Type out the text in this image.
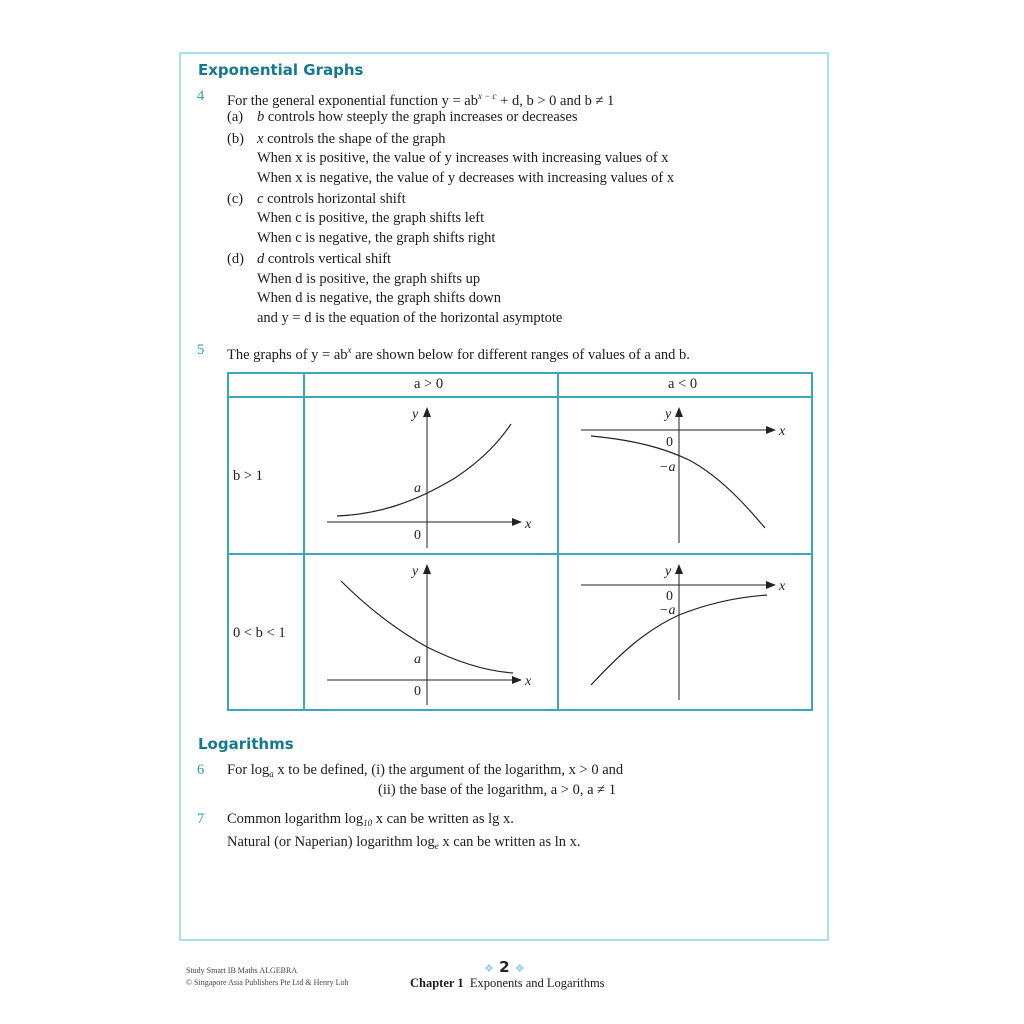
Exponential Graphs
4 For the general exponential function $y = ab^{x - c} + d$, b > 0 and b ≠ 1
(a) b controls how steeply the graph increases or decreases
(b) x controls the shape of the graph
When x is positive, the value of y increases with increasing values of x
When x is negative, the value of y decreases with increasing values of x
(c) c controls horizontal shift
When c is positive, the graph shifts left
When c is negative, the graph shifts right
(d) d controls vertical shift
When d is positive, the graph shifts up
When d is negative, the graph shifts down
and y = d is the equation of the horizontal asymptote
5 The graphs of $y = ab^x$ are shown below for different ranges of values of a and b.
a > 0	a < 0
b > 1
0 < b < 1
y
x
0
a
y
x
0
−a
y
x
0
a
y
x
0
−a
Logarithms
6 For $\log_a x$ to be defined, (i) the argument of the logarithm, x > 0 and
(ii) the base of the logarithm, a > 0, a ≠ 1
7 Common logarithm $\log_{10} x$ can be written as lg x.
Natural (or Naperian) logarithm $\log_e x$ can be written as ln x.
Study Smart IB Maths ALGEBRA
© Singapore Asia Publishers Pte Ltd & Henry Loh
❖ 2 ❖
Chapter 1 Exponents and Logarithms
